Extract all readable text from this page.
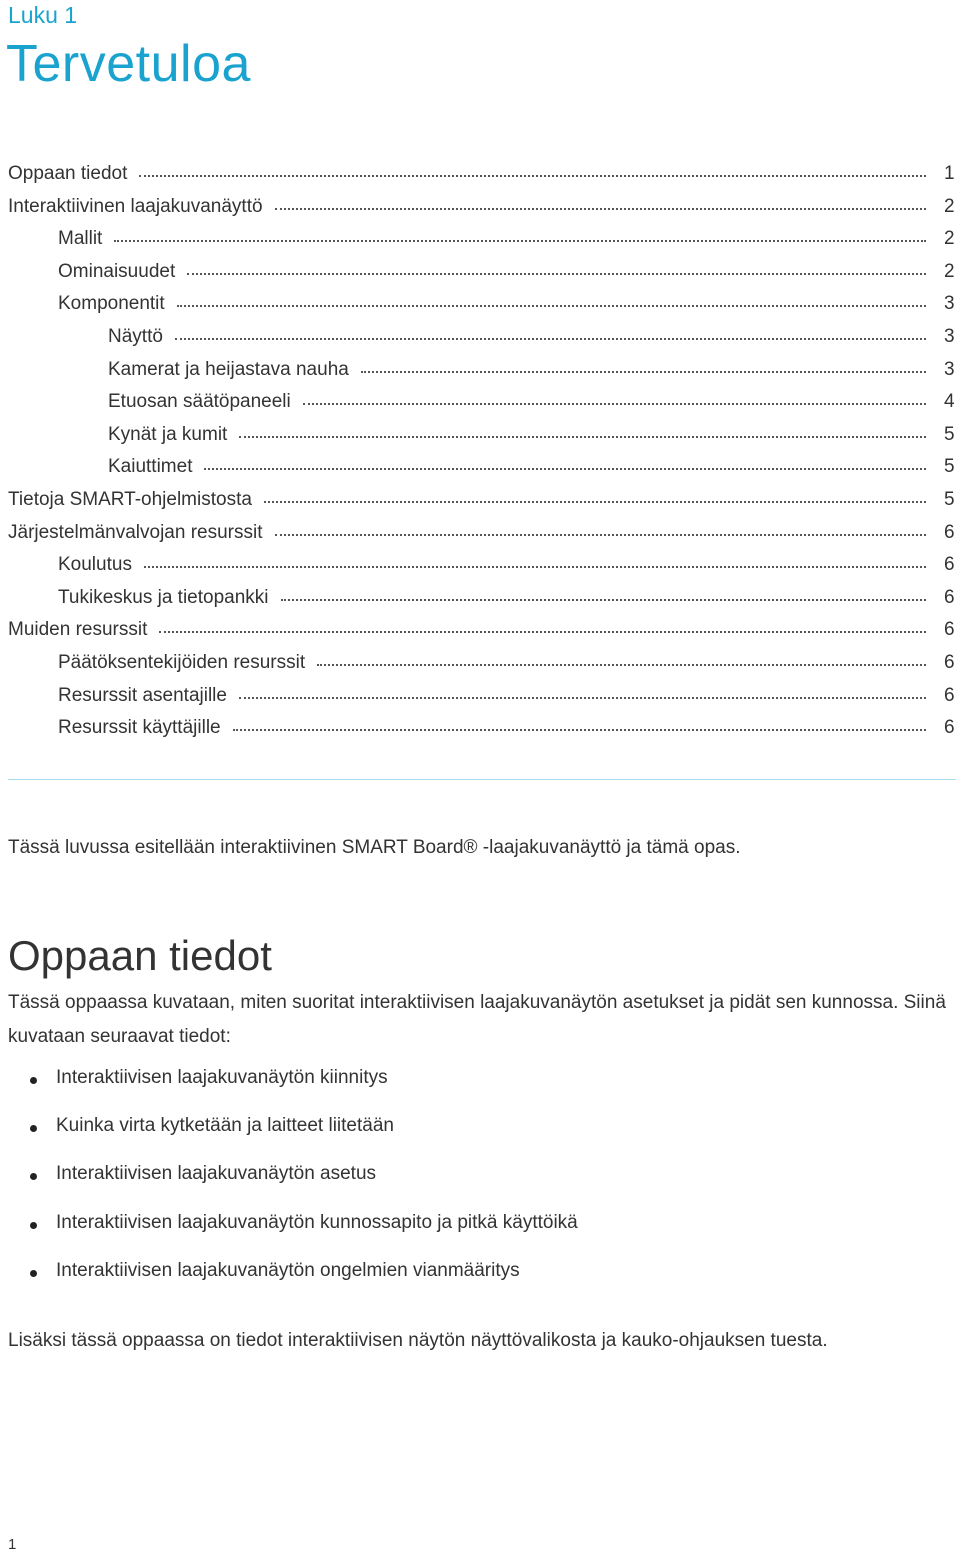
Luku 1

Tervetuloa
Oppaan tiedot	1
Interaktiivinen laajakuvanäyttö	2
Mallit	2
Ominaisuudet	2
Komponentit	3
Näyttö	3
Kamerat ja heijastava nauha	3
Etuosan säätöpaneeli	4
Kynät ja kumit	5
Kaiuttimet	5
Tietoja SMART-ohjelmistosta	5
Järjestelmänvalvojan resurssit	6
Koulutus	6
Tukikeskus ja tietopankki	6
Muiden resurssit	6
Päätöksentekijöiden resurssit	6
Resurssit asentajille	6
Resurssit käyttäjille	6

Tässä luvussa esitellään interaktiivinen SMART Board® -laajakuvanäyttö ja tämä opas.

Oppaan tiedot

Tässä oppaassa kuvataan, miten suoritat interaktiivisen laajakuvanäytön asetukset ja pidät sen kunnossa. Siinä kuvataan seuraavat tiedot:

Interaktiivisen laajakuvanäytön kiinnitys
Kuinka virta kytketään ja laitteet liitetään
Interaktiivisen laajakuvanäytön asetus
Interaktiivisen laajakuvanäytön kunnossapito ja pitkä käyttöikä
Interaktiivisen laajakuvanäytön ongelmien vianmääritys

Lisäksi tässä oppaassa on tiedot interaktiivisen näytön näyttövalikosta ja kauko-ohjauksen tuesta.

1
